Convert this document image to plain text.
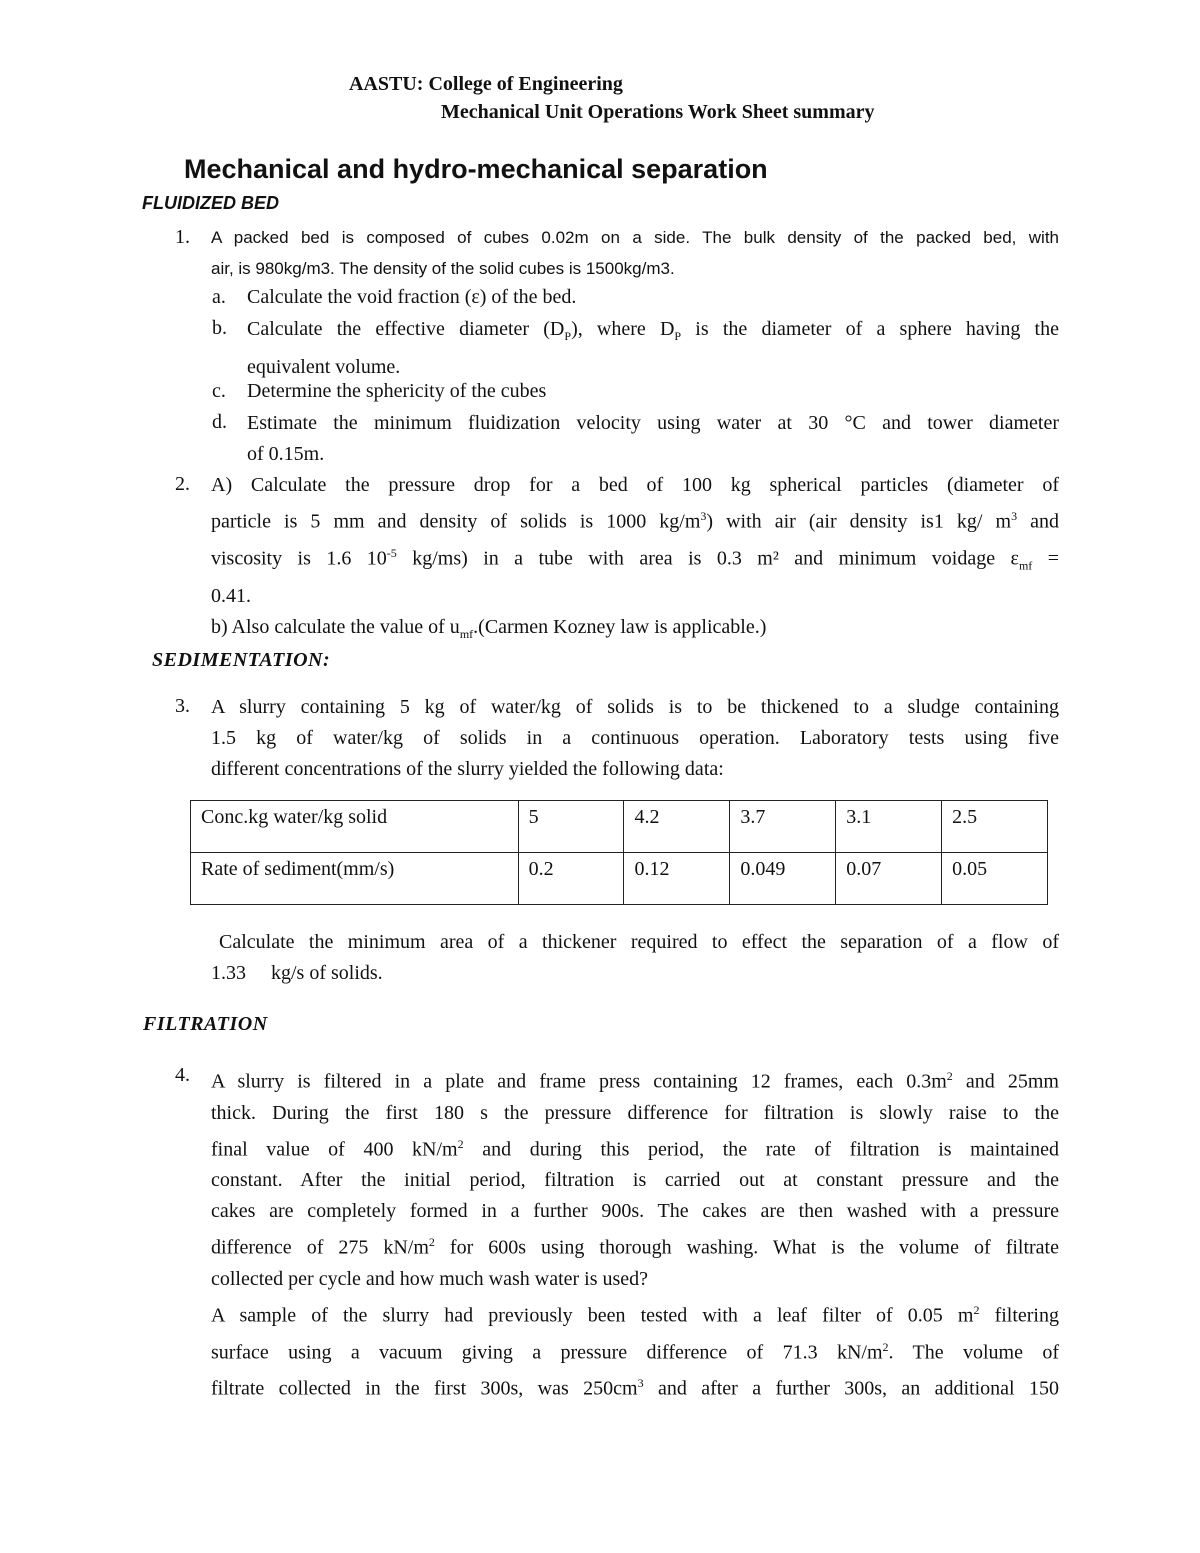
AASTU: College of Engineering
Mechanical Unit Operations Work Sheet summary
Mechanical and hydro-mechanical separation
FLUIDIZED BED
1. A packed bed is composed of cubes 0.02m on a side. The bulk density of the packed bed, with
air, is 980kg/m3. The density of the solid cubes is 1500kg/m3.
a. Calculate the void fraction (ɛ) of the bed.
b. Calculate the effective diameter $(D_P)$, where $D_P$ is the diameter of a sphere having the
equivalent volume.
c. Determine the sphericity of the cubes
d. Estimate the minimum fluidization velocity using water at 30 °C and tower diameter
of 0.15m.
2. A) Calculate the pressure drop for a bed of 100 kg spherical particles (diameter of
particle is 5 mm and density of solids is 1000 $kg/m^3$) with air (air density is1 kg/ $m^3$ and
viscosity is 1.6 $10^{-5}$ kg/ms) in a tube with area is 0.3 m² and minimum voidage $\varepsilon_{mf}$ =
0.41.
b) Also calculate the value of $u_{mf}.(Carmen$ Kozney law is applicable.)
SEDIMENTATION:
3. A slurry containing 5 kg of water/kg of solids is to be thickened to a sludge containing
1.5 kg of water/kg of solids in a continuous operation. Laboratory tests using five
different concentrations of the slurry yielded the following data:
Conc.kg water/kg solid	5	4.2	3.7	3.1	2.5
Rate of sediment(mm/s)	0.2	0.12	0.049	0.07	0.05
Calculate the minimum area of a thickener required to effect the separation of a flow of
1.33     kg/s of solids.
FILTRATION
4. A slurry is filtered in a plate and frame press containing 12 frames, each $0.3m^2$ and 25mm
thick. During the first 180 s the pressure difference for filtration is slowly raise to the
final value of 400 $kN/m^2$ and during this period, the rate of filtration is maintained
constant. After the initial period, filtration is carried out at constant pressure and the
cakes are completely formed in a further 900s. The cakes are then washed with a pressure
difference of 275 $kN/m^2$ for 600s using thorough washing. What is the volume of filtrate
collected per cycle and how much wash water is used?
A sample of the slurry had previously been tested with a leaf filter of 0.05 $m^2$ filtering
surface using a vacuum giving a pressure difference of 71.3 $kN/m^2$. The volume of
filtrate collected in the first 300s, was $250cm^3$ and after a further 300s, an additional 150
